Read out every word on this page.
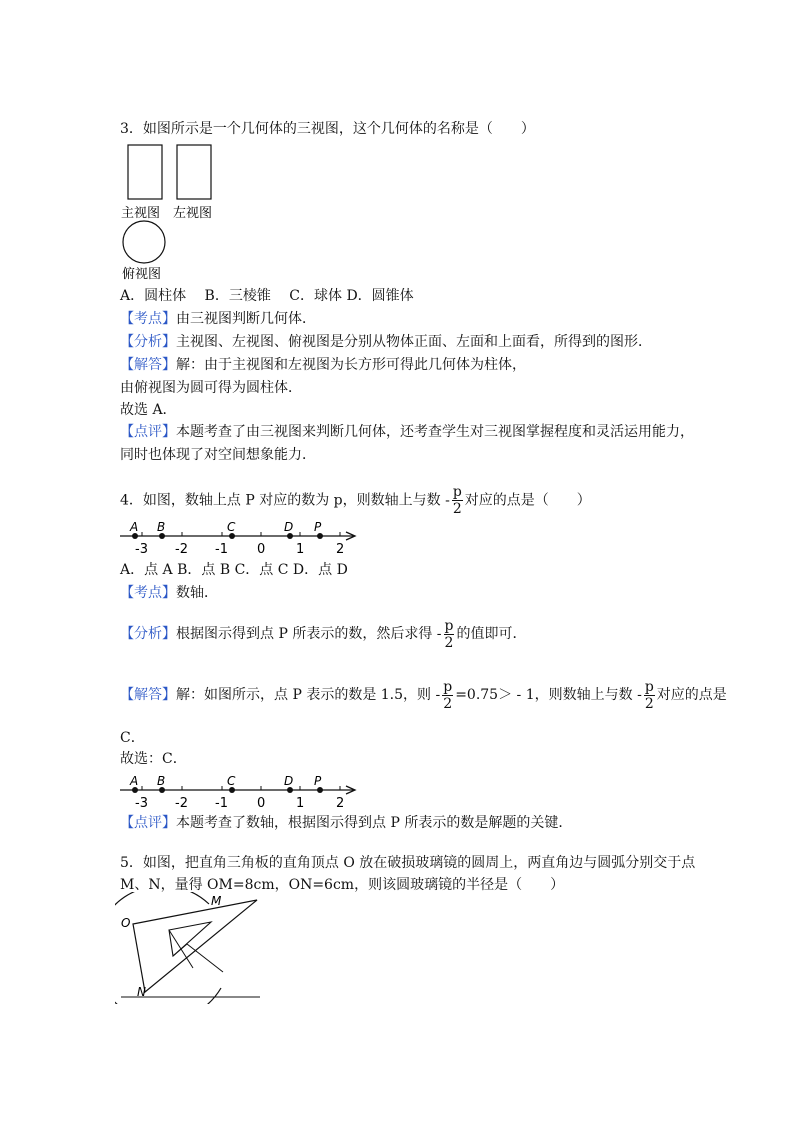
3．如图所示是一个几何体的三视图，这个几何体的名称是（　　）
主视图 左视图
俯视图
A．圆柱体　 B．三棱锥　 C．球体 D．圆锥体
【考点】由三视图判断几何体．
【分析】主视图、左视图、俯视图是分别从物体正面、左面和上面看，所得到的图形．
【解答】解：由于主视图和左视图为长方形可得此几何体为柱体，
由俯视图为圆可得为圆柱体．
故选 A．
【点评】本题考查了由三视图来判断几何体，还考查学生对三视图掌握程度和灵活运用能力，
同时也体现了对空间想象能力．
4．如图，数轴上点 P 对应的数为 p，则数轴上与数 - $\frac{p}{2}$ 对应的点是（　　）
-3 -2 -1 0 1 2
A B	C	D P
A．点 A B．点 B C．点 C D．点 D
【考点】数轴．
【分析】根据图示得到点 P 所表示的数，然后求得 - $\frac{p}{2}$ 的值即可．
【解答】解：如图所示，点 P 表示的数是 1.5，则 - $\frac{p}{2} =0.75> - 1$，则数轴上与数 - $\frac{p}{2}$ 对应的点是
C．
故选：C．
-3 -2 -1 0 1 2
A B	C	D P
【点评】本题考查了数轴，根据图示得到点 P 所表示的数是解题的关键．
5．如图，把直角三角板的直角顶点 O 放在破损玻璃镜的圆周上，两直角边与圆弧分别交于点
M、N，量得 OM=8cm，ON=6cm，则该圆玻璃镜的半径是（　　）
O
M
N
